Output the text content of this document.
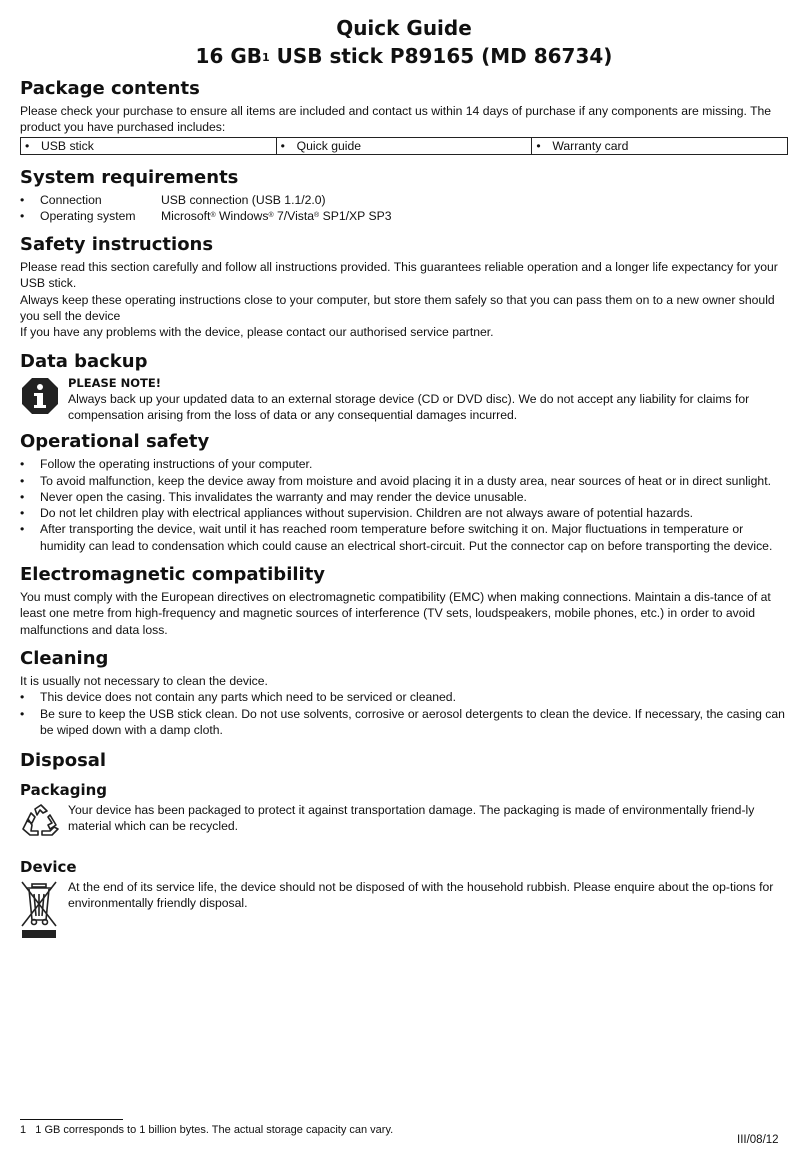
Quick Guide
16 $GB^1$ USB stick P89165 (MD 86734)
Package contents

Please check your purchase to ensure all items are included and contact us within 14 days of purchase if any components are missing. The product you have purchased includes:

• USB stick	• Quick guide	• Warranty card
System requirements
• Connection	USB connection (USB 1.1/2.0)
• Operating system	Microsoft® Windows® 7/Vista® SP1/XP SP3
Safety instructions

Please read this section carefully and follow all instructions provided. This guarantees reliable operation and a longer life expectancy for your USB stick.

Always keep these operating instructions close to your computer, but store them safely so that you can pass them on to a new owner should you sell the device

If you have any problems with the device, please contact our authorised service partner.

Data backup
PLEASE NOTE!

Always back up your updated data to an external storage device (CD or DVD disc). We do not accept any liability for claims for compensation arising from the loss of data or any consequential damages incurred.

Operational safety
• Follow the operating instructions of your computer.
• To avoid malfunction, keep the device away from moisture and avoid placing it in a dusty area, near sources of heat or in direct sunlight.
• Never open the casing. This invalidates the warranty and may render the device unusable.
• Do not let children play with electrical appliances without supervision. Children are not always aware of potential hazards.
• After transporting the device, wait until it has reached room temperature before switching it on. Major fluctuations in temperature or humidity can lead to condensation which could cause an electrical short-circuit. Put the connector cap on before transporting the device.
Electromagnetic compatibility

You must comply with the European directives on electromagnetic compatibility (EMC) when making connections. Maintain a dis-tance of at least one metre from high-frequency and magnetic sources of interference (TV sets, loudspeakers, mobile phones, etc.) in order to avoid malfunctions and data loss.

Cleaning

It is usually not necessary to clean the device.

• This device does not contain any parts which need to be serviced or cleaned.
• Be sure to keep the USB stick clean. Do not use solvents, corrosive or aerosol detergents to clean the device. If necessary, the casing can be wiped down with a damp cloth.
Disposal
Packaging

Your device has been packaged to protect it against transportation damage. The packaging is made of environmentally friend-ly material which can be recycled.

Device

At the end of its service life, the device should not be disposed of with the household rubbish. Please enquire about the op-tions for environmentally friendly disposal.

1 1 GB corresponds to 1 billion bytes. The actual storage capacity can vary.
III/08/12
